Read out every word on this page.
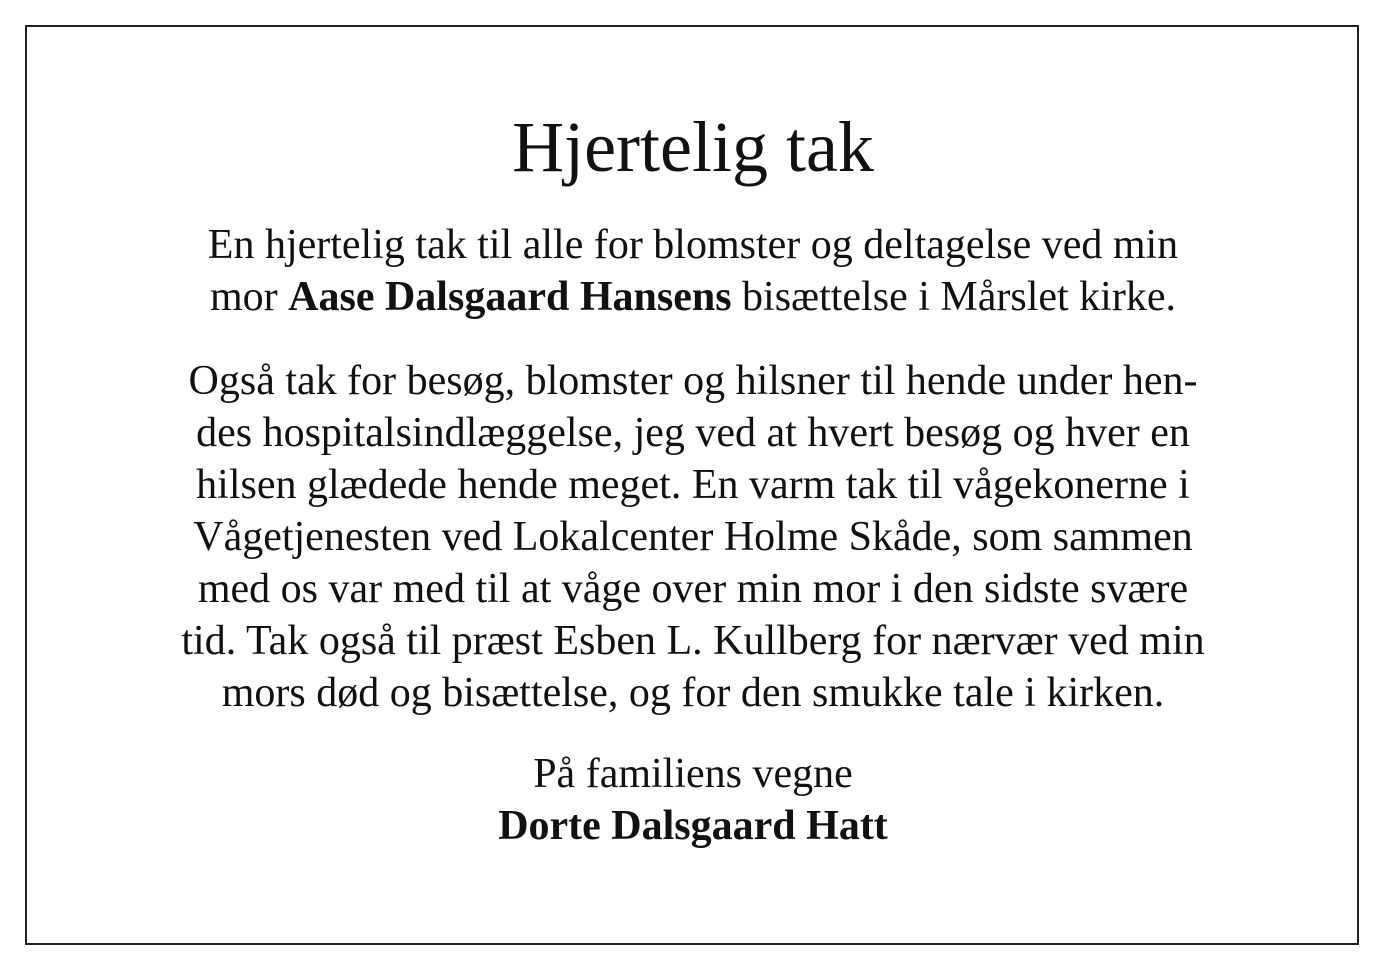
Hjertelig tak

En hjertelig tak til alle for blomster og deltagelse ved min
mor Aase Dalsgaard Hansens bisættelse i Mårslet kirke.

Også tak for besøg, blomster og hilsner til hende under hen-
des hospitalsindlæggelse, jeg ved at hvert besøg og hver en
hilsen glædede hende meget. En varm tak til vågekonerne i
Vågetjenesten ved Lokalcenter Holme Skåde, som sammen
med os var med til at våge over min mor i den sidste svære
tid. Tak også til præst Esben L. Kullberg for nærvær ved min
mors død og bisættelse, og for den smukke tale i kirken.

På familiens vegne
Dorte Dalsgaard Hatt
